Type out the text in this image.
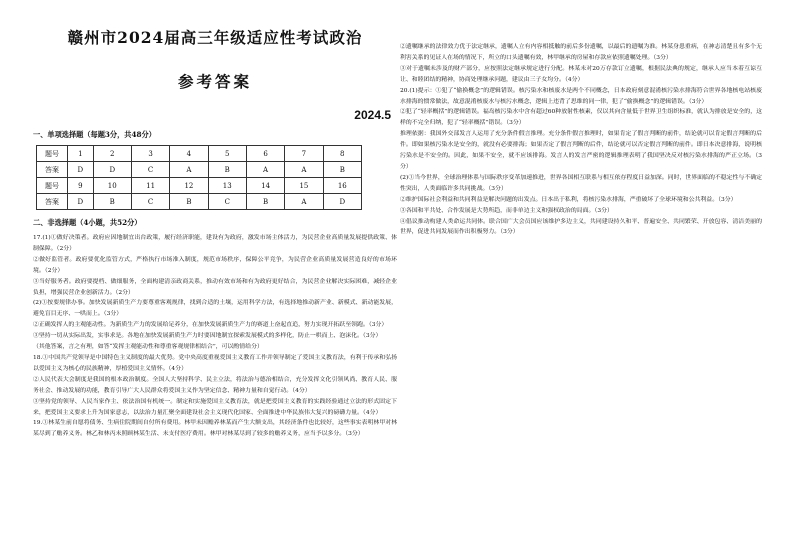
赣州市2024届高三年级适应性考试政治
参考答案
2024.5
一、单项选择题（每题3分，共48分）
题号	1	2	3	4	5	6	7	8
答案	D	D	C	A	B	A	A	B
题号	9	10	11	12	13	14	15	16
答案	D	B	C	B	C	B	A	D
二、非选择题（4小题，共52分）
17.(1)①做好决策者。政府应因地制宜出台政策，履行经济职能，建设有为政府，激发市场主体活力，为民营企业高质量发展提供政策、体制保障。（2分）
②做好监管者。政府要优化监管方式，严格执行市场准入制度，规范市场秩序，保障公平竞争，为民营企业高质量发展营造良好的市场环境。（2分）
③当好服务者。政府要提档、做细服务，全面构建清亲政商关系，推动有效市场和有为政府更好结合，为民营企业解决实际困难，减轻企业负担，增强民营企业创新活力。（2分）
(2)①按要规律办事。加快发展新质生产力要尊重客观规律，找到合适的土壤，运用科学方法，有选择地推动新产业、新模式、新动能发展，避免盲目无序、一哄而上。（3分）
②正确发挥人的主观能动性。为新质生产力的发展给足养分，在加快发展新质生产力的赛道上奋起直追，努力实现开拓跃至领跑。（3分）
③坚持一切从实际出发，实事求是。各地在加快发展新质生产力时要因地制宜探索发展模式的多样化，防止一哄而上、泡沫化。（3分）
（其他答案，言之有理，如答“发挥主观能动性和尊重客观规律相结合”，可以酌情给分）
18.①中国共产党领导是中国特色主义制度的最大优势。党中央高度重视爱国主义教育工作并领导制定了爱国主义教育法，有利于传承和弘扬以爱国主义为核心的民族精神，厚植爱国主义情怀。（4分）
②人民代表大会制度是我国的根本政治制度。全国人大坚持科学、民主立法，将法治与德治相结合，充分发挥文化引领风尚、教育人民、服务社会、推动发展的功能，教育引导广大人民群众将爱国主义作为坚定信念、精神力量和自觉行动。（4分）
③坚持党的领导、人民当家作主、依法治国有机统一。制定和实施爱国主义教育法，就是把爱国主义教育的实践经验通过立法的形式固定下来，把爱国主义要求上升为国家意志，以法治力量汇聚全面建设社会主义现代化国家、全面推进中华民族伟大复兴的磅礴力量。（4分）
19.①林某生前自愿将债务、生病住院期间自付所有费用。林甲未因赡养林某而产生大额支出，其经济条件也比较好，这些事实表明林甲对林某尽到了赡养义务。林乙和林丙未照顾林某生活、未支付医疗费用。林甲对林某尽到了较多的赡养义务，应当予以多分。（3分）
②遗嘱继承的法律效力优于法定继承，遗嘱人立有内容相抵触的前后多份遗嘱，以最后的遗嘱为准。林某身患重病，在神志清楚且有多个无利害关系的见证人在场的情况下，所立的口头遗嘱有效，林甲继承的房屋和存款应依照遗嘱处理。（3分）
③对于遗嘱未涉及的财产部分，应按照法定继承规定进行分配。林某未对20万存款订立遗嘱，根据民法典的规定，继承人应当本着互谅互让、和睦团结的精神，协商处理继承问题，建议由三子女均分。（4分）
20.(1)提示：①犯了“偷换概念”的逻辑错误。核污染水和核废水是两个不同概念，日本政府刻意混淆核污染水排海符合世界各地核电站核废水排海的惯常做法，故意混淆核废水与核污水概念，逻辑上违背了思维的同一律，犯了“偷换概念”的逻辑错误。（3分）
②犯了“轻率概括”的逻辑错误。福岛核污染水中含有超过60种放射性核素，仅以其向含量低于世界卫生组织标准，就认为排放是安全的，这样的不完全归纳，犯了“轻率概括”错误。（3分）
推理依据：我国外交部发言人运用了充分条件假言推理。充分条件假言推理时，如果肯定了假言判断的前件，结论就可以肯定假言判断的后件。即如果核污染水是安全的，就没有必要排海；如果否定了假言判断的后件，结论就可以否定假言判断的前件。即日本决意排海，说明核污染水是不安全的。因此，如果不安全，就不应该排海。发言人的发言严密的逻辑推理表明了我国坚决反对核污染水排海的严正立场。（3分）
(2)①当今世界，全球治理体系与国际秩序变革加速推进，世界各国相互联系与相互依存程度日益加深。同时，世界面临的不稳定性与不确定性突出，人类面临许多共同挑战。（3分）
②维护国际社会利益和共同利益是解决问题的出发点。日本出于私利，将核污染水排海，严重破坏了全球环境和公共利益。（3分）
③各国和平共处、合作发展是大势所趋，而非单边主义和强权政治的局面。（3分）
④倡议推动构建人类命运共同体。联合国广大会员国应该维护多边主义，共同建设持久和平、普遍安全、共同繁荣、开放包容、清洁美丽的世界，促进共同发展而作出积极努力。（3分）
